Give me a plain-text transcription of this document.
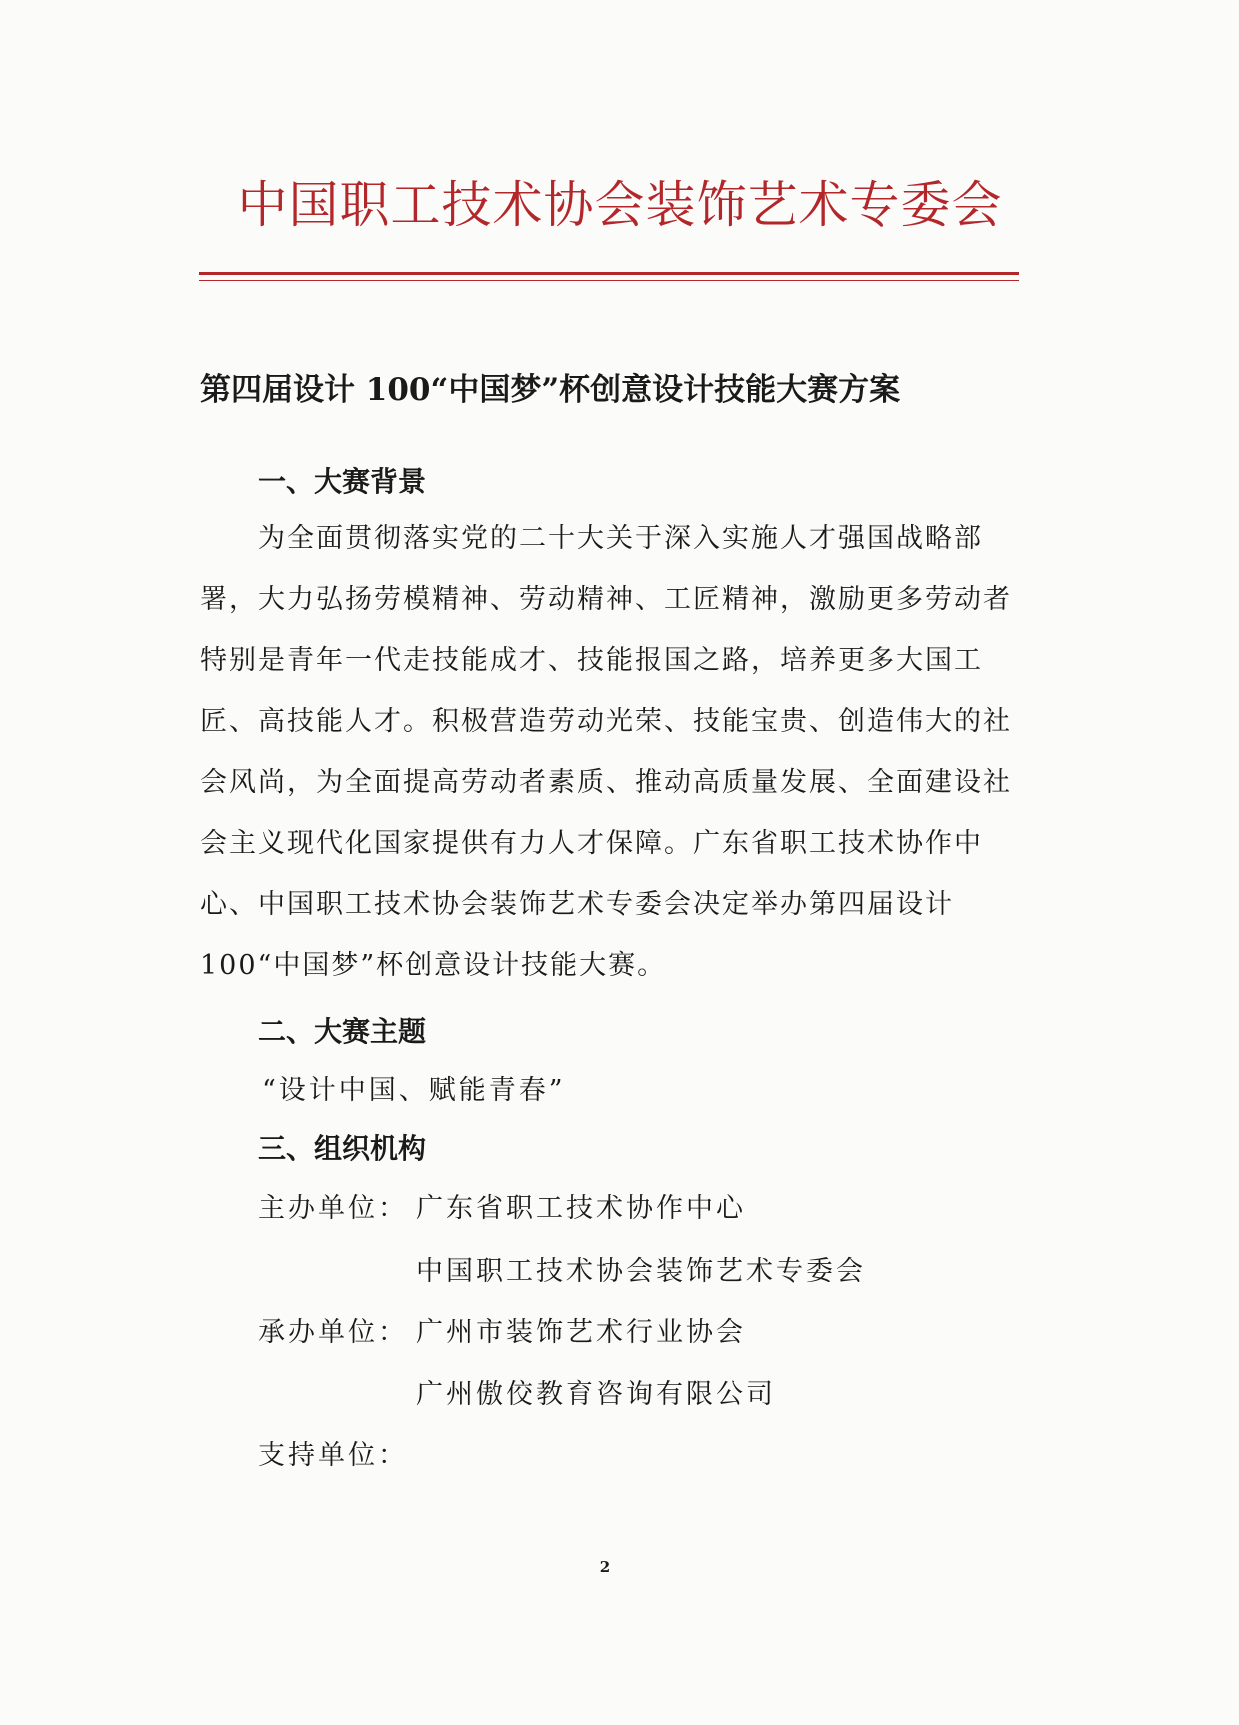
中国职工技术协会装饰艺术专委会
第四届设计 100“中国梦”杯创意设计技能大赛方案
一、大赛背景
为全面贯彻落实党的二十大关于深入实施人才强国战略部署，大力弘扬劳模精神、劳动精神、工匠精神，激励更多劳动者特别是青年一代走技能成才、技能报国之路，培养更多大国工匠、高技能人才。积极营造劳动光荣、技能宝贵、创造伟大的社会风尚，为全面提高劳动者素质、推动高质量发展、全面建设社会主义现代化国家提供有力人才保障。广东省职工技术协作中心、中国职工技术协会装饰艺术专委会决定举办第四届设计 100“中国梦”杯创意设计技能大赛。
二、大赛主题
“设计中国、赋能青春”
三、组织机构
主办单位： 广东省职工技术协作中心
中国职工技术协会装饰艺术专委会
承办单位： 广州市装饰艺术行业协会
广州傲佼教育咨询有限公司
支持单位：
2
